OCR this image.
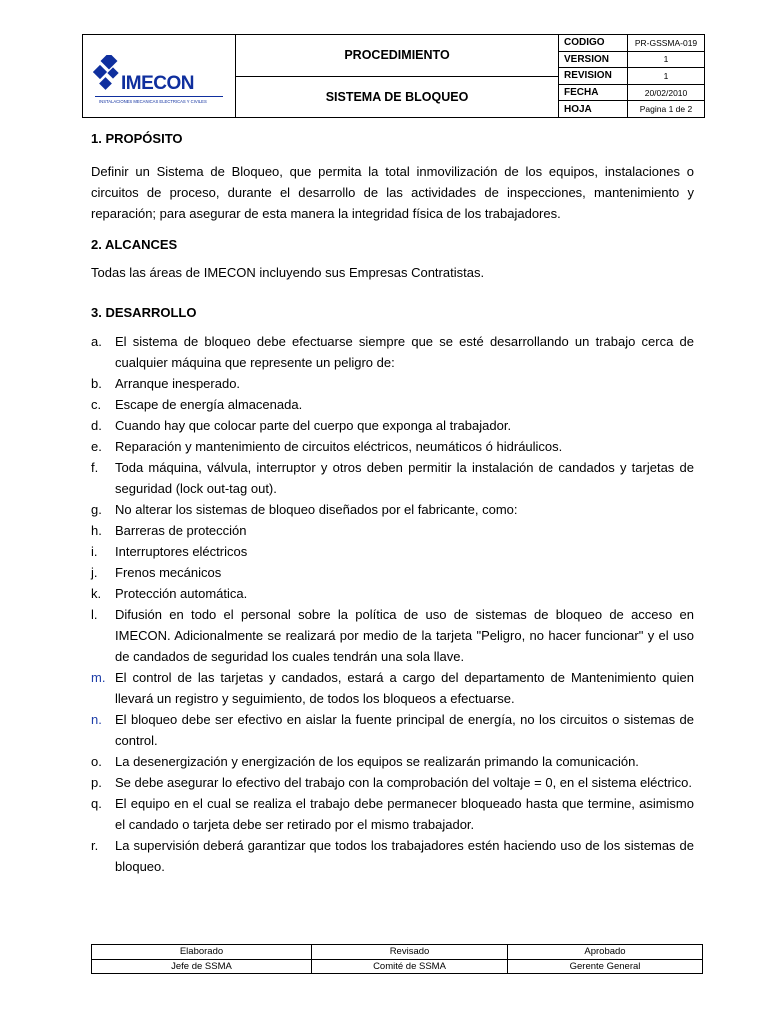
IMECON
INSTALACIONES MECANICAS ELECTRICAS Y CIVILES
PROCEDIMIENTO
SISTEMA DE BLOQUEO
CODIGO	PR-GSSMA-019
VERSION	1
REVISION	1
FECHA	20/02/2010
HOJA	Pagina 1 de 2
1. PROPÓSITO

Definir un Sistema de Bloqueo, que permita la total inmovilización de los equipos, instalaciones o circuitos de proceso, durante el desarrollo de las actividades de inspecciones, mantenimiento y reparación; para asegurar de esta manera la integridad física de los trabajadores.

2. ALCANCES

Todas las áreas de IMECON incluyendo sus Empresas Contratistas.

3. DESARROLLO
a.	El sistema de bloqueo debe efectuarse siempre que se esté desarrollando un trabajo cerca de cualquier máquina que represente un peligro de:
b.	Arranque inesperado.
c.	Escape de energía almacenada.
d.	Cuando hay que colocar parte del cuerpo que exponga al trabajador.
e.	Reparación y mantenimiento de circuitos eléctricos, neumáticos ó hidráulicos.
f.	Toda máquina, válvula, interruptor y otros deben permitir la instalación de candados y tarjetas de seguridad (lock out-tag out).
g.	No alterar los sistemas de bloqueo diseñados por el fabricante, como:
h.	Barreras de protección
i.	Interruptores eléctricos
j.	Frenos mecánicos
k.	Protección automática.
l.	Difusión en todo el personal sobre la política de uso de sistemas de bloqueo de acceso en IMECON. Adicionalmente se realizará por medio de la tarjeta "Peligro, no hacer funcionar" y el uso de candados de seguridad los cuales tendrán una sola llave.
m. El control de las tarjetas y candados, estará a cargo del departamento de Mantenimiento quien llevará un registro y seguimiento, de todos los bloqueos a efectuarse.
n.	El bloqueo debe ser efectivo en aislar la fuente principal de energía, no los circuitos o sistemas de control.
o.	La desenergización y energización de los equipos se realizarán primando la comunicación.
p.	Se debe asegurar lo efectivo del trabajo con la comprobación del voltaje = 0, en el sistema eléctrico.
q.	El equipo en el cual se realiza el trabajo debe permanecer bloqueado hasta que termine, asimismo el candado o tarjeta debe ser retirado por el mismo trabajador.
r.	La supervisión deberá garantizar que todos los trabajadores estén haciendo uso de los sistemas de bloqueo.
Elaborado	Revisado	Aprobado
Jefe de SSMA	Comité de SSMA	Gerente General
